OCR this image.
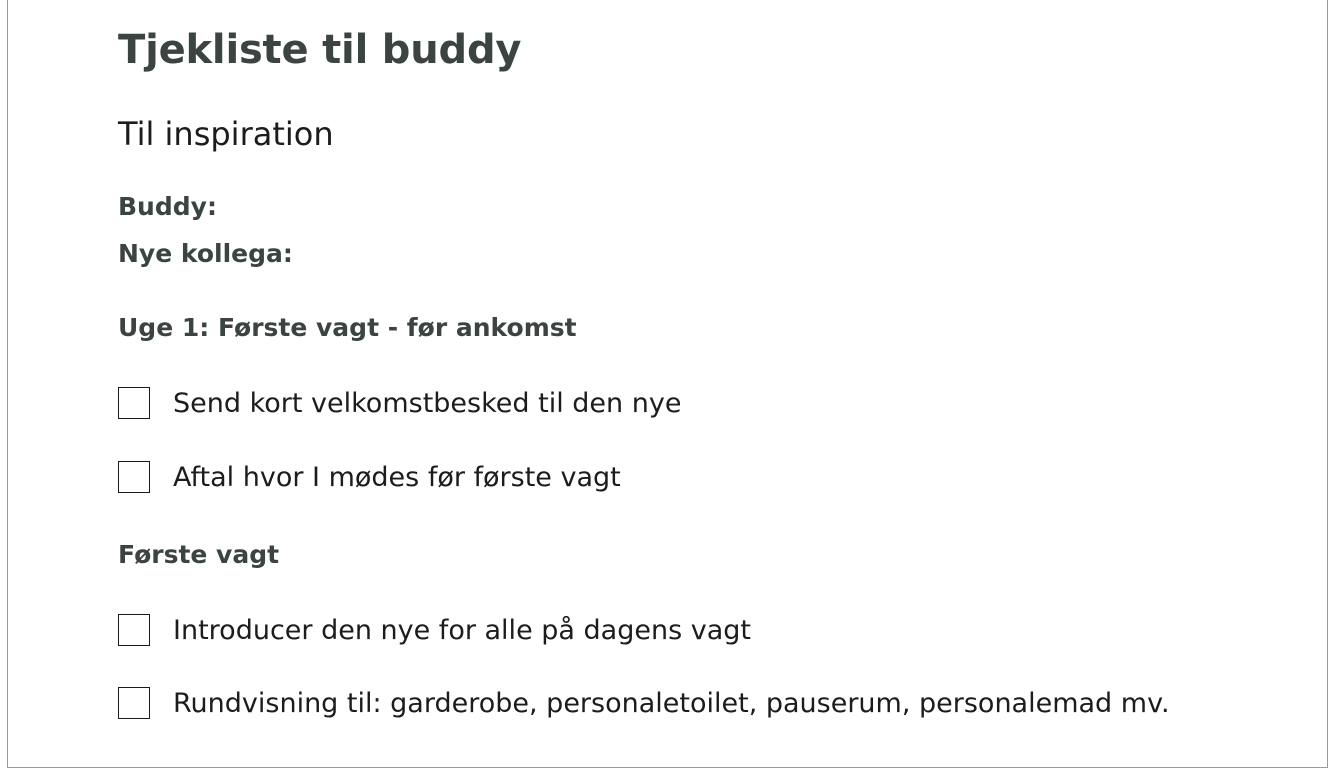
Tjekliste til buddy
Til inspiration
Buddy:
Nye kollega:
Uge 1: Første vagt - før ankomst
Send kort velkomstbesked til den nye
Aftal hvor I mødes før første vagt
Første vagt
Introducer den nye for alle på dagens vagt
Rundvisning til: garderobe, personaletoilet, pauserum, personalemad mv.
